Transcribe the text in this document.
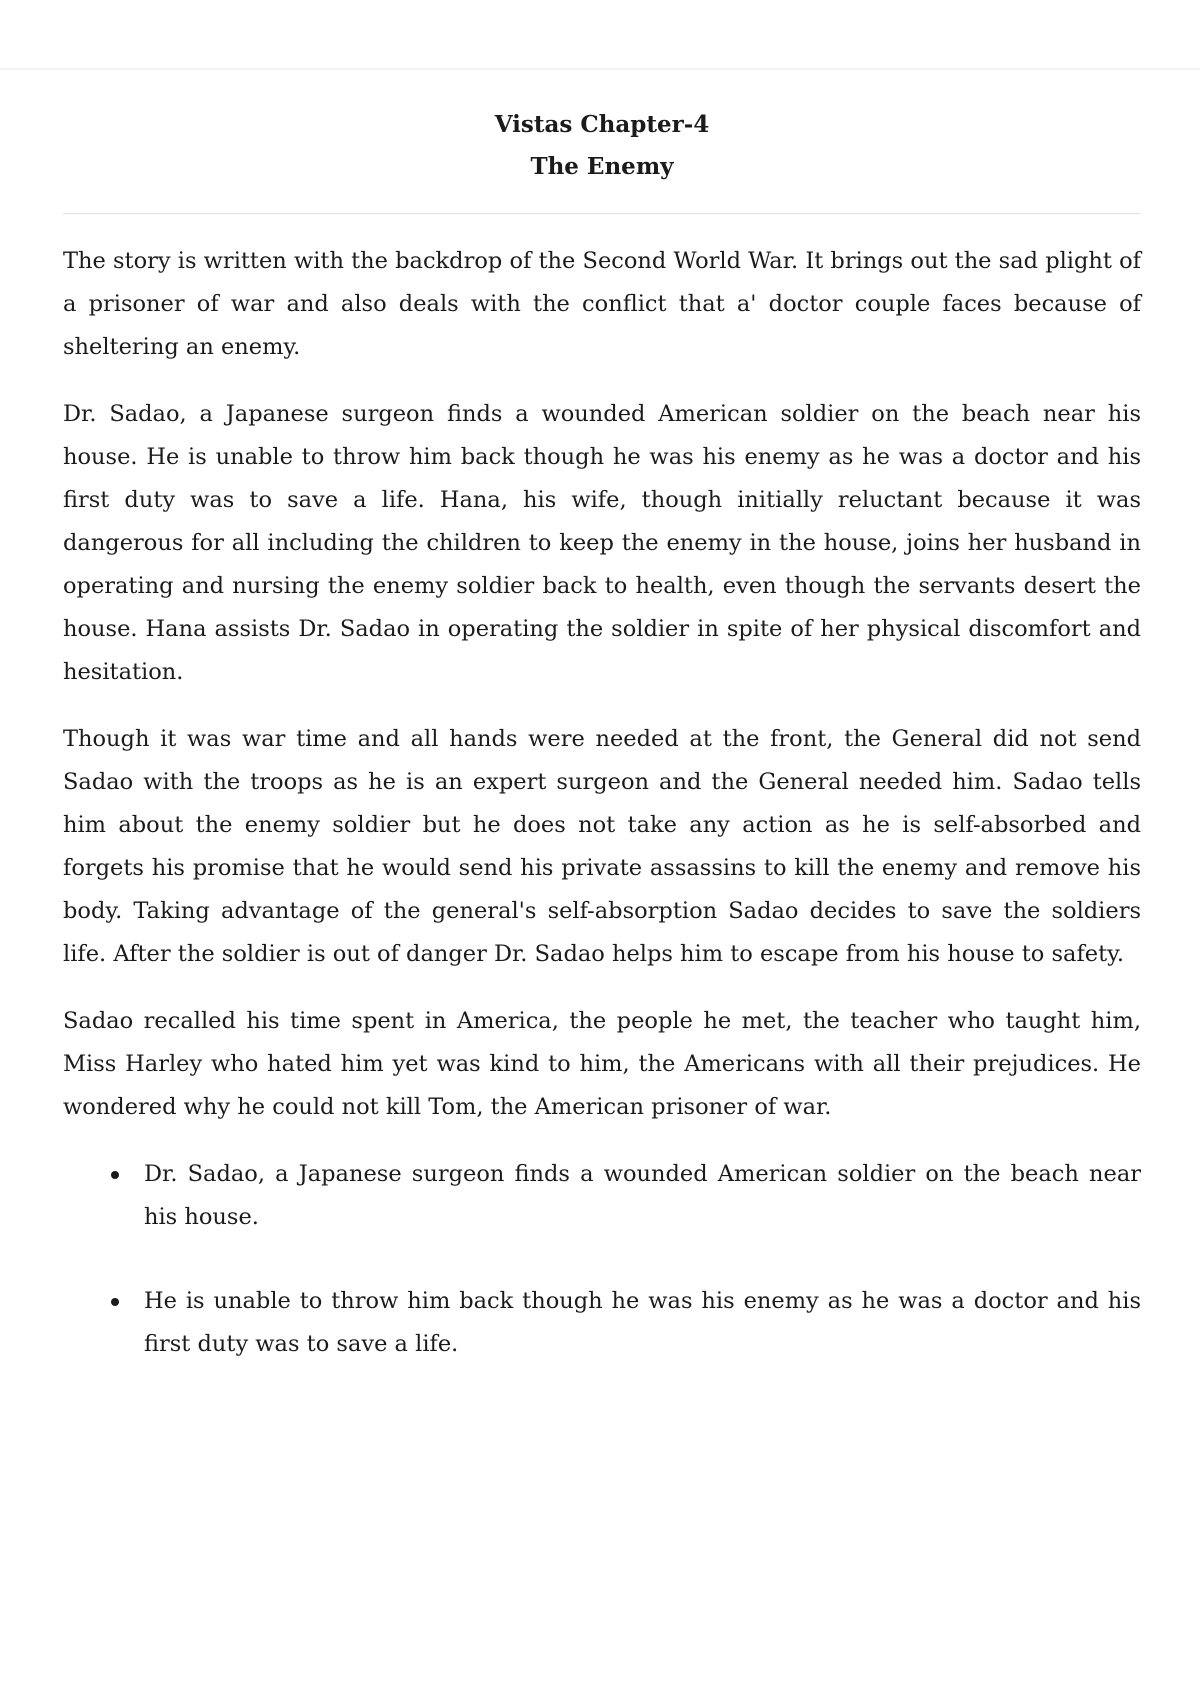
Vistas Chapter-4
The Enemy

The story is written with the backdrop of the Second World War. It brings out the sad plight of a prisoner of war and also deals with the conflict that a' doctor couple faces because of sheltering an enemy.

Dr. Sadao, a Japanese surgeon finds a wounded American soldier on the beach near his house. He is unable to throw him back though he was his enemy as he was a doctor and his first duty was to save a life. Hana, his wife, though initially reluctant because it was dangerous for all including the children to keep the enemy in the house, joins her husband in operating and nursing the enemy soldier back to health, even though the servants desert the house. Hana assists Dr. Sadao in operating the soldier in spite of her physical discomfort and hesitation.

Though it was war time and all hands were needed at the front, the General did not send Sadao with the troops as he is an expert surgeon and the General needed him. Sadao tells him about the enemy soldier but he does not take any action as he is self-absorbed and forgets his promise that he would send his private assassins to kill the enemy and remove his body. Taking advantage of the general's self-absorption Sadao decides to save the soldiers life. After the soldier is out of danger Dr. Sadao helps him to escape from his house to safety.

Sadao recalled his time spent in America, the people he met, the teacher who taught him, Miss Harley who hated him yet was kind to him, the Americans with all their prejudices. He wondered why he could not kill Tom, the American prisoner of war.

Dr. Sadao, a Japanese surgeon finds a wounded American soldier on the beach near his house.
He is unable to throw him back though he was his enemy as he was a doctor and his first duty was to save a life.
